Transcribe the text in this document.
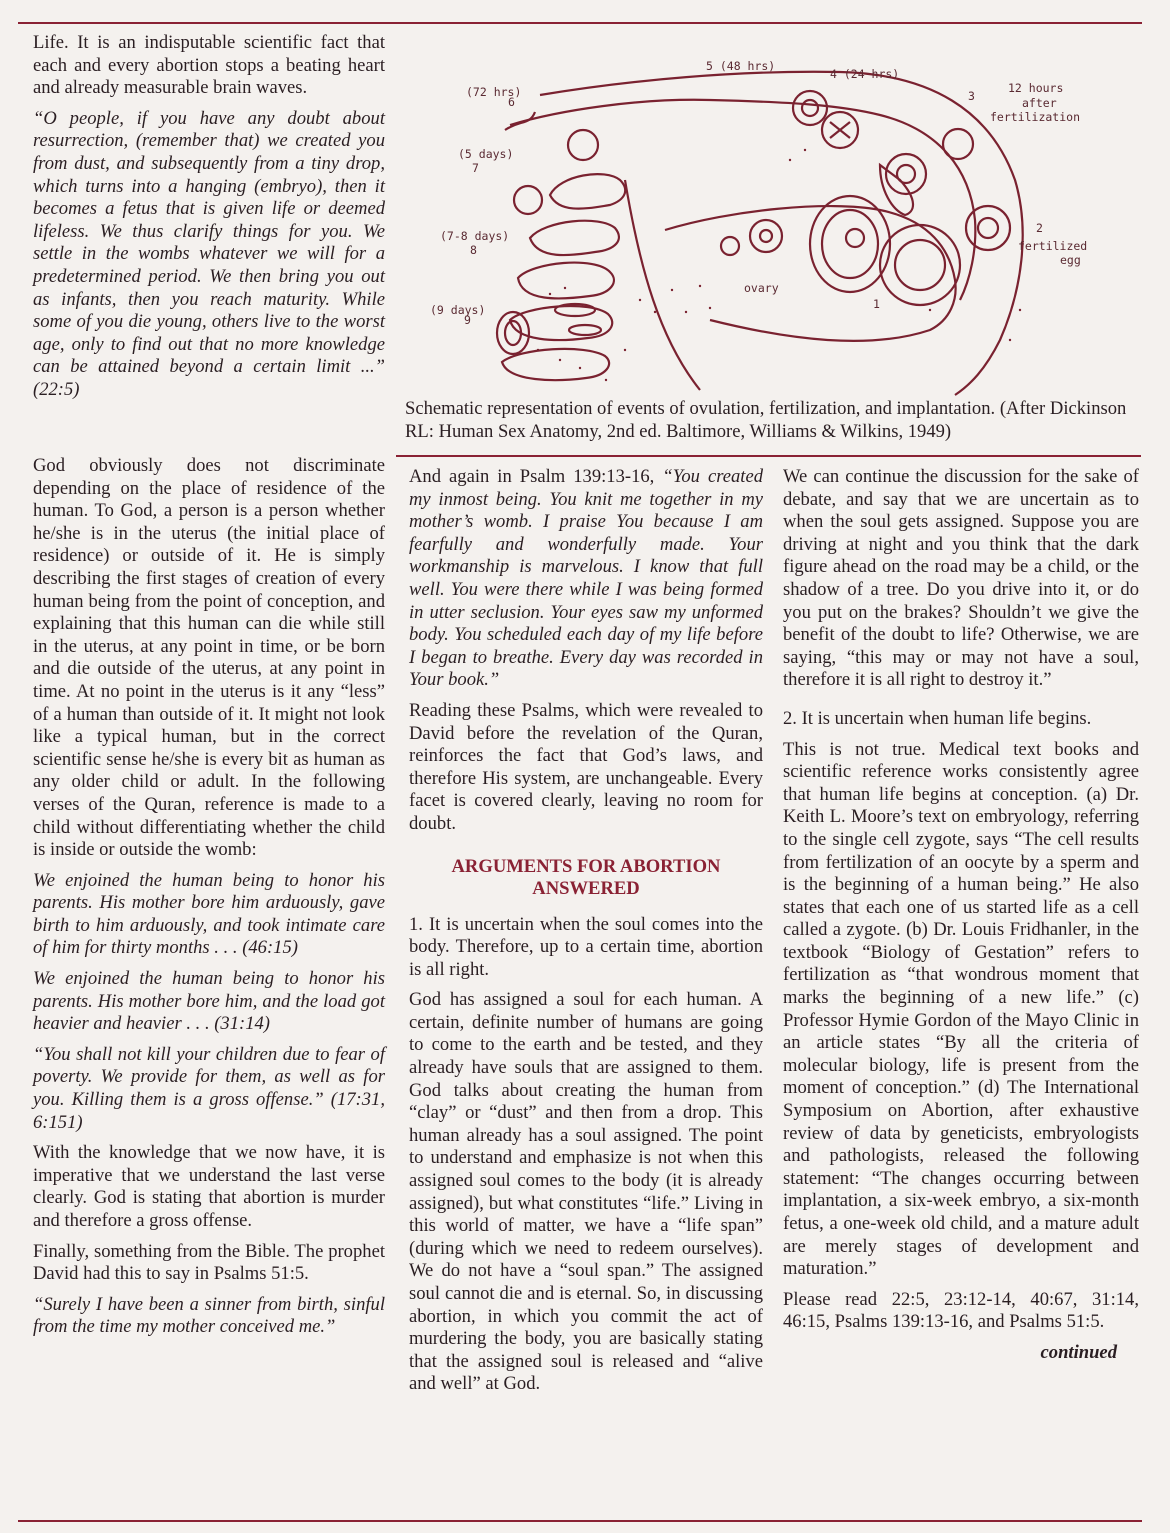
Life. It is an indisputable scientific fact that each and every abortion stops a beating heart and already measurable brain waves.

“O people, if you have any doubt about resurrection, (remember that) we created you from dust, and subsequently from a tiny drop, which turns into a hanging (embryo), then it becomes a fetus that is given life or deemed lifeless. We thus clarify things for you. We settle in the wombs whatever we will for a predetermined period. We then bring you out as infants, then you reach maturity. While some of you die young, others live to the worst age, only to find out that no more knowledge can be attained beyond a certain limit ...” (22:5)

God obviously does not discriminate depending on the place of residence of the human. To God, a person is a person whether he/she is in the uterus (the initial place of residence) or outside of it. He is simply describing the first stages of creation of every human being from the point of conception, and explaining that this human can die while still in the uterus, at any point in time, or be born and die outside of the uterus, at any point in time. At no point in the uterus is it any “less” of a human than outside of it. It might not look like a typical human, but in the correct scientific sense he/she is every bit as human as any older child or adult. In the following verses of the Quran, reference is made to a child without differentiating whether the child is inside or outside the womb:

We enjoined the human being to honor his parents. His mother bore him arduously, gave birth to him arduously, and took intimate care of him for thirty months . . . (46:15)

We enjoined the human being to honor his parents. His mother bore him, and the load got heavier and heavier . . . (31:14)

“You shall not kill your children due to fear of poverty. We provide for them, as well as for you. Killing them is a gross offense.” (17:31, 6:151)

With the knowledge that we now have, it is imperative that we understand the last verse clearly. God is stating that abortion is murder and therefore a gross offense.

Finally, something from the Bible. The prophet David had this to say in Psalms 51:5.

“Surely I have been a sinner from birth, sinful from the time my mother conceived me.”

5 (48 hrs)
4 (24 hrs)
3
12 hours
after
fertilization
(72 hrs)
6
(5 days)
7
(7-8 days)
8
(9 days)
9
2
fertilized
egg
ovary
1

Schematic representation of events of ovulation, fertilization, and implantation. (After Dickinson RL: Human Sex Anatomy, 2nd ed. Baltimore, Williams & Wilkins, 1949)

And again in Psalm 139:13-16, “You created my inmost being. You knit me together in my mother’s womb. I praise You because I am fearfully and wonderfully made. Your workmanship is marvelous. I know that full well. You were there while I was being formed in utter seclusion. Your eyes saw my unformed body. You scheduled each day of my life before I began to breathe. Every day was recorded in Your book.”

Reading these Psalms, which were revealed to David before the revelation of the Quran, reinforces the fact that God’s laws, and therefore His system, are unchangeable. Every facet is covered clearly, leaving no room for doubt.

ARGUMENTS FOR ABORTION
ANSWERED

1. It is uncertain when the soul comes into the body. Therefore, up to a certain time, abortion is all right.

God has assigned a soul for each human. A certain, definite number of humans are going to come to the earth and be tested, and they already have souls that are assigned to them. God talks about creating the human from “clay” or “dust” and then from a drop. This human already has a soul assigned. The point to understand and emphasize is not when this assigned soul comes to the body (it is already assigned), but what constitutes “life.” Living in this world of matter, we have a “life span” (during which we need to redeem ourselves). We do not have a “soul span.” The assigned soul cannot die and is eternal. So, in discussing abortion, in which you commit the act of murdering the body, you are basically stating that the assigned soul is released and “alive and well” at God.

We can continue the discussion for the sake of debate, and say that we are uncertain as to when the soul gets assigned. Suppose you are driving at night and you think that the dark figure ahead on the road may be a child, or the shadow of a tree. Do you drive into it, or do you put on the brakes? Shouldn’t we give the benefit of the doubt to life? Otherwise, we are saying, “this may or may not have a soul, therefore it is all right to destroy it.”

2. It is uncertain when human life begins.

This is not true. Medical text books and scientific reference works consistently agree that human life begins at conception. (a) Dr. Keith L. Moore’s text on embryology, referring to the single cell zygote, says “The cell results from fertilization of an oocyte by a sperm and is the beginning of a human being.” He also states that each one of us started life as a cell called a zygote. (b) Dr. Louis Fridhanler, in the textbook “Biology of Gestation” refers to fertilization as “that wondrous moment that marks the beginning of a new life.” (c) Professor Hymie Gordon of the Mayo Clinic in an article states “By all the criteria of molecular biology, life is present from the moment of conception.” (d) The International Symposium on Abortion, after exhaustive review of data by geneticists, embryologists and pathologists, released the following statement: “The changes occurring between implantation, a six-week embryo, a six-month fetus, a one-week old child, and a mature adult are merely stages of development and maturation.”

Please read 22:5, 23:12-14, 40:67, 31:14, 46:15, Psalms 139:13-16, and Psalms 51:5.

continued
